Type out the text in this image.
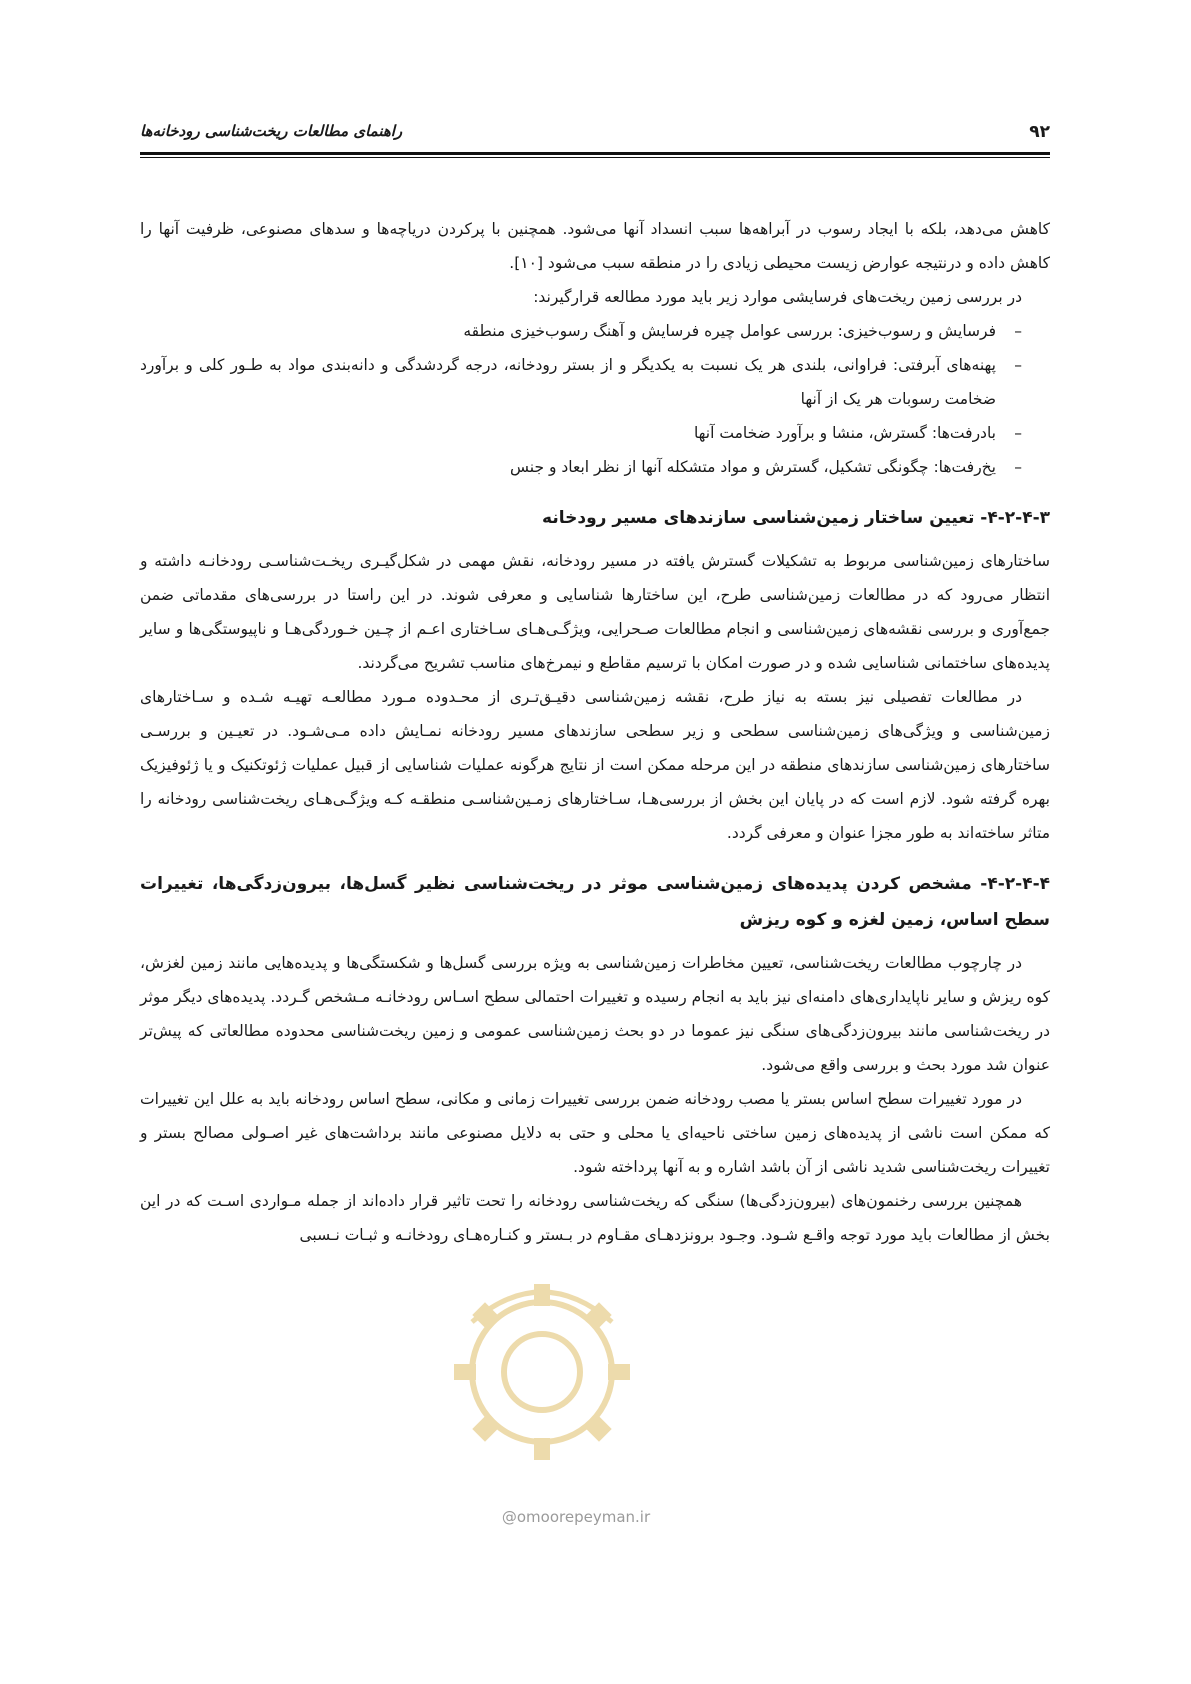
۹۲
راهنمای مطالعات ریخت‌شناسی رودخانه‌ها

کاهش می‌دهد، بلکه با ایجاد رسوب در آبراهه‌ها سبب انسداد آنها می‌شود. همچنین با پرکردن دریاچه‌ها و سدهای مصنوعی، ظرفیت آنها را کاهش داده و درنتیجه عوارض زیست محیطی زیادی را در منطقه سبب می‌شود [۱۰].

در بررسی زمین ریخت‌های فرسایشی موارد زیر باید مورد مطالعه قرارگیرند:

–
فرسایش و رسوب‌خیزی: بررسی عوامل چیره فرسایش و آهنگ رسوب‌خیزی منطقه
–
پهنه‌های آبرفتی: فراوانی، بلندی هر یک نسبت به یکدیگر و از بستر رودخانه، درجه گردشدگی و دانه‌بندی مواد به طـور کلی و برآورد ضخامت رسوبات هر یک از آنها
–
بادرفت‌ها: گسترش، منشا و برآورد ضخامت آنها
–
یخ‌رفت‌ها: چگونگی تشکیل، گسترش و مواد متشکله آنها از نظر ابعاد و جنس
۴-۲-۴-۳- تعیین ساختار زمین‌شناسی سازندهای مسیر رودخانه

ساختارهای زمین‌شناسی مربوط به تشکیلات گسترش یافته در مسیر رودخانه، نقش مهمی در شکل‌گیـری ریخـت‌شناسـی رودخانـه داشته و انتظار می‌رود که در مطالعات زمین‌شناسی طرح، این ساختارها شناسایی و معرفی شوند. در این راستا در بررسی‌های مقدماتی ضمن جمع‌آوری و بررسی نقشه‌های زمین‌شناسی و انجام مطالعات صـحرایی، ویژگـی‌هـای سـاختاری اعـم از چـین خـوردگی‌هـا و ناپیوستگی‌ها و سایر پدیده‌های ساختمانی شناسایی شده و در صورت امکان با ترسیم مقاطع و نیمرخ‌های مناسب تشریح می‌گردند.

در مطالعات تفصیلی نیز بسته به نیاز طرح، نقشه زمین‌شناسی دقیـق‌تـری از محـدوده مـورد مطالعـه تهیـه شـده و سـاختارهای زمین‌شناسی و ویژگی‌های زمین‌شناسی سطحی و زیر سطحی سازندهای مسیر رودخانه نمـایش داده مـی‌شـود. در تعیـین و بررسـی ساختارهای زمین‌شناسی سازندهای منطقه در این مرحله ممکن است از نتایج هرگونه عملیات شناسایی از قبیل عملیات ژئوتکنیک و یا ژئوفیزیک بهره گرفته شود. لازم است که در پایان این بخش از بررسی‌هـا، سـاختارهای زمـین‌شناسـی منطقـه کـه ویژگـی‌هـای ریخت‌شناسی رودخانه را متاثر ساخته‌اند به طور مجزا عنوان و معرفی گردد.

۴-۲-۴-۴- مشخص کردن پدیده‌های زمین‌شناسی موثر در ریخت‌شناسی نظیر گسل‌ها، بیرون‌زدگی‌ها، تغییرات سطح اساس، زمین لغزه و کوه ریزش

در چارچوب مطالعات ریخت‌شناسی، تعیین مخاطرات زمین‌شناسی به ویژه بررسی گسل‌ها و شکستگی‌ها و پدیده‌هایی مانند زمین لغزش، کوه ریزش و سایر ناپایداری‌های دامنه‌ای نیز باید به انجام رسیده و تغییرات احتمالی سطح اسـاس رودخانـه مـشخص گـردد. پدیده‌های دیگر موثر در ریخت‌شناسی مانند بیرون‌زدگی‌های سنگی نیز عموما در دو بحث زمین‌شناسی عمومی و زمین ریخت‌شناسی محدوده مطالعاتی که پیش‌تر عنوان شد مورد بحث و بررسی واقع می‌شود.

در مورد تغییرات سطح اساس بستر یا مصب رودخانه ضمن بررسی تغییرات زمانی و مکانی، سطح اساس رودخانه باید به علل این تغییرات که ممکن است ناشی از پدیده‌های زمین ساختی ناحیه‌ای یا محلی و حتی به دلایل مصنوعی مانند برداشت‌های غیر اصـولی مصالح بستر و تغییرات ریخت‌شناسی شدید ناشی از آن باشد اشاره و به آنها پرداخته شود.

همچنین بررسی رخنمون‌های (بیرون‌زدگی‌ها) سنگی که ریخت‌شناسی رودخانه را تحت تاثیر قرار داده‌اند از جمله مـواردی اسـت که در این بخش از مطالعات باید مورد توجه واقـع شـود. وجـود برونزدهـای مقـاوم در بـستر و کنـاره‌هـای رودخانـه و ثبـات نـسبی

@omoorepeyman.ir
